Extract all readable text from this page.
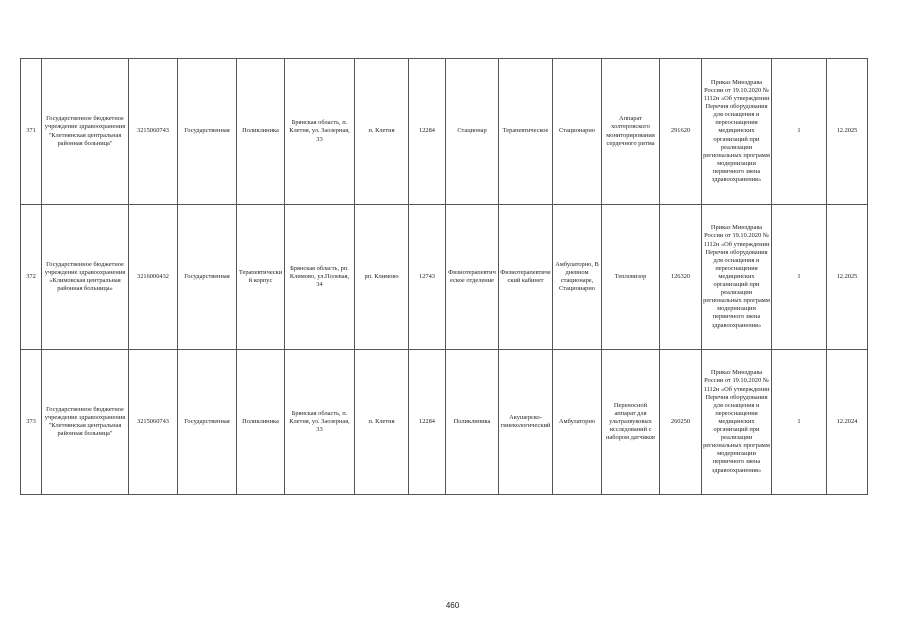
371	Государственное бюджетное учреждение здравоохранения "Клетнянская центральная районная больница"	3215060743	Государственная	Поликлиника	Брянская область, п. Клетня, ул. Заозерная, 33	п. Клетня	12284	Стационар	Терапевтическое	Стационарно	Аппарат холтеровского мониторирования сердечного ритма	291620	Приказ Минздрава России от 19.10.2020 № 1112н «Об утверждении Перечня оборудования для оснащения и переоснащения медицинских организаций при реализации региональных программ модернизации первичного звена здравоохранения»	1	12.2025
372	Государственное бюджетное учреждение здравоохранения «Климовская центральная районная больница»	3216000432	Государственная	Терапевтический корпус	Брянская область, рп. Климово, ул.Полевая, 34	рп. Климово	12743	Физиотерапевтическое отделение	Физиотерапевтический кабинет	Амбулаторно, В дневном стационаре, Стационарно	Тепловизор	126320	Приказ Минздрава России от 19.10.2020 № 1112н «Об утверждении Перечня оборудования для оснащения и переоснащения медицинских организаций при реализации региональных программ модернизации первичного звена здравоохранения»	1	12.2025
373	Государственное бюджетное учреждение здравоохранения "Клетнянская центральная районная больница"	3215060743	Государственная	Поликлиника	Брянская область, п. Клетня, ул. Заозерная, 33	п. Клетня	12284	Поликлиника	Акушерско-гинекологический	Амбулаторно	Переносной аппарат для ультразвуковых исследований с набором датчиков	260250	Приказ Минздрава России от 19.10.2020 № 1112н «Об утверждении Перечня оборудования для оснащения и переоснащения медицинских организаций при реализации региональных программ модернизации первичного звена здравоохранения»	1	12.2024
460
